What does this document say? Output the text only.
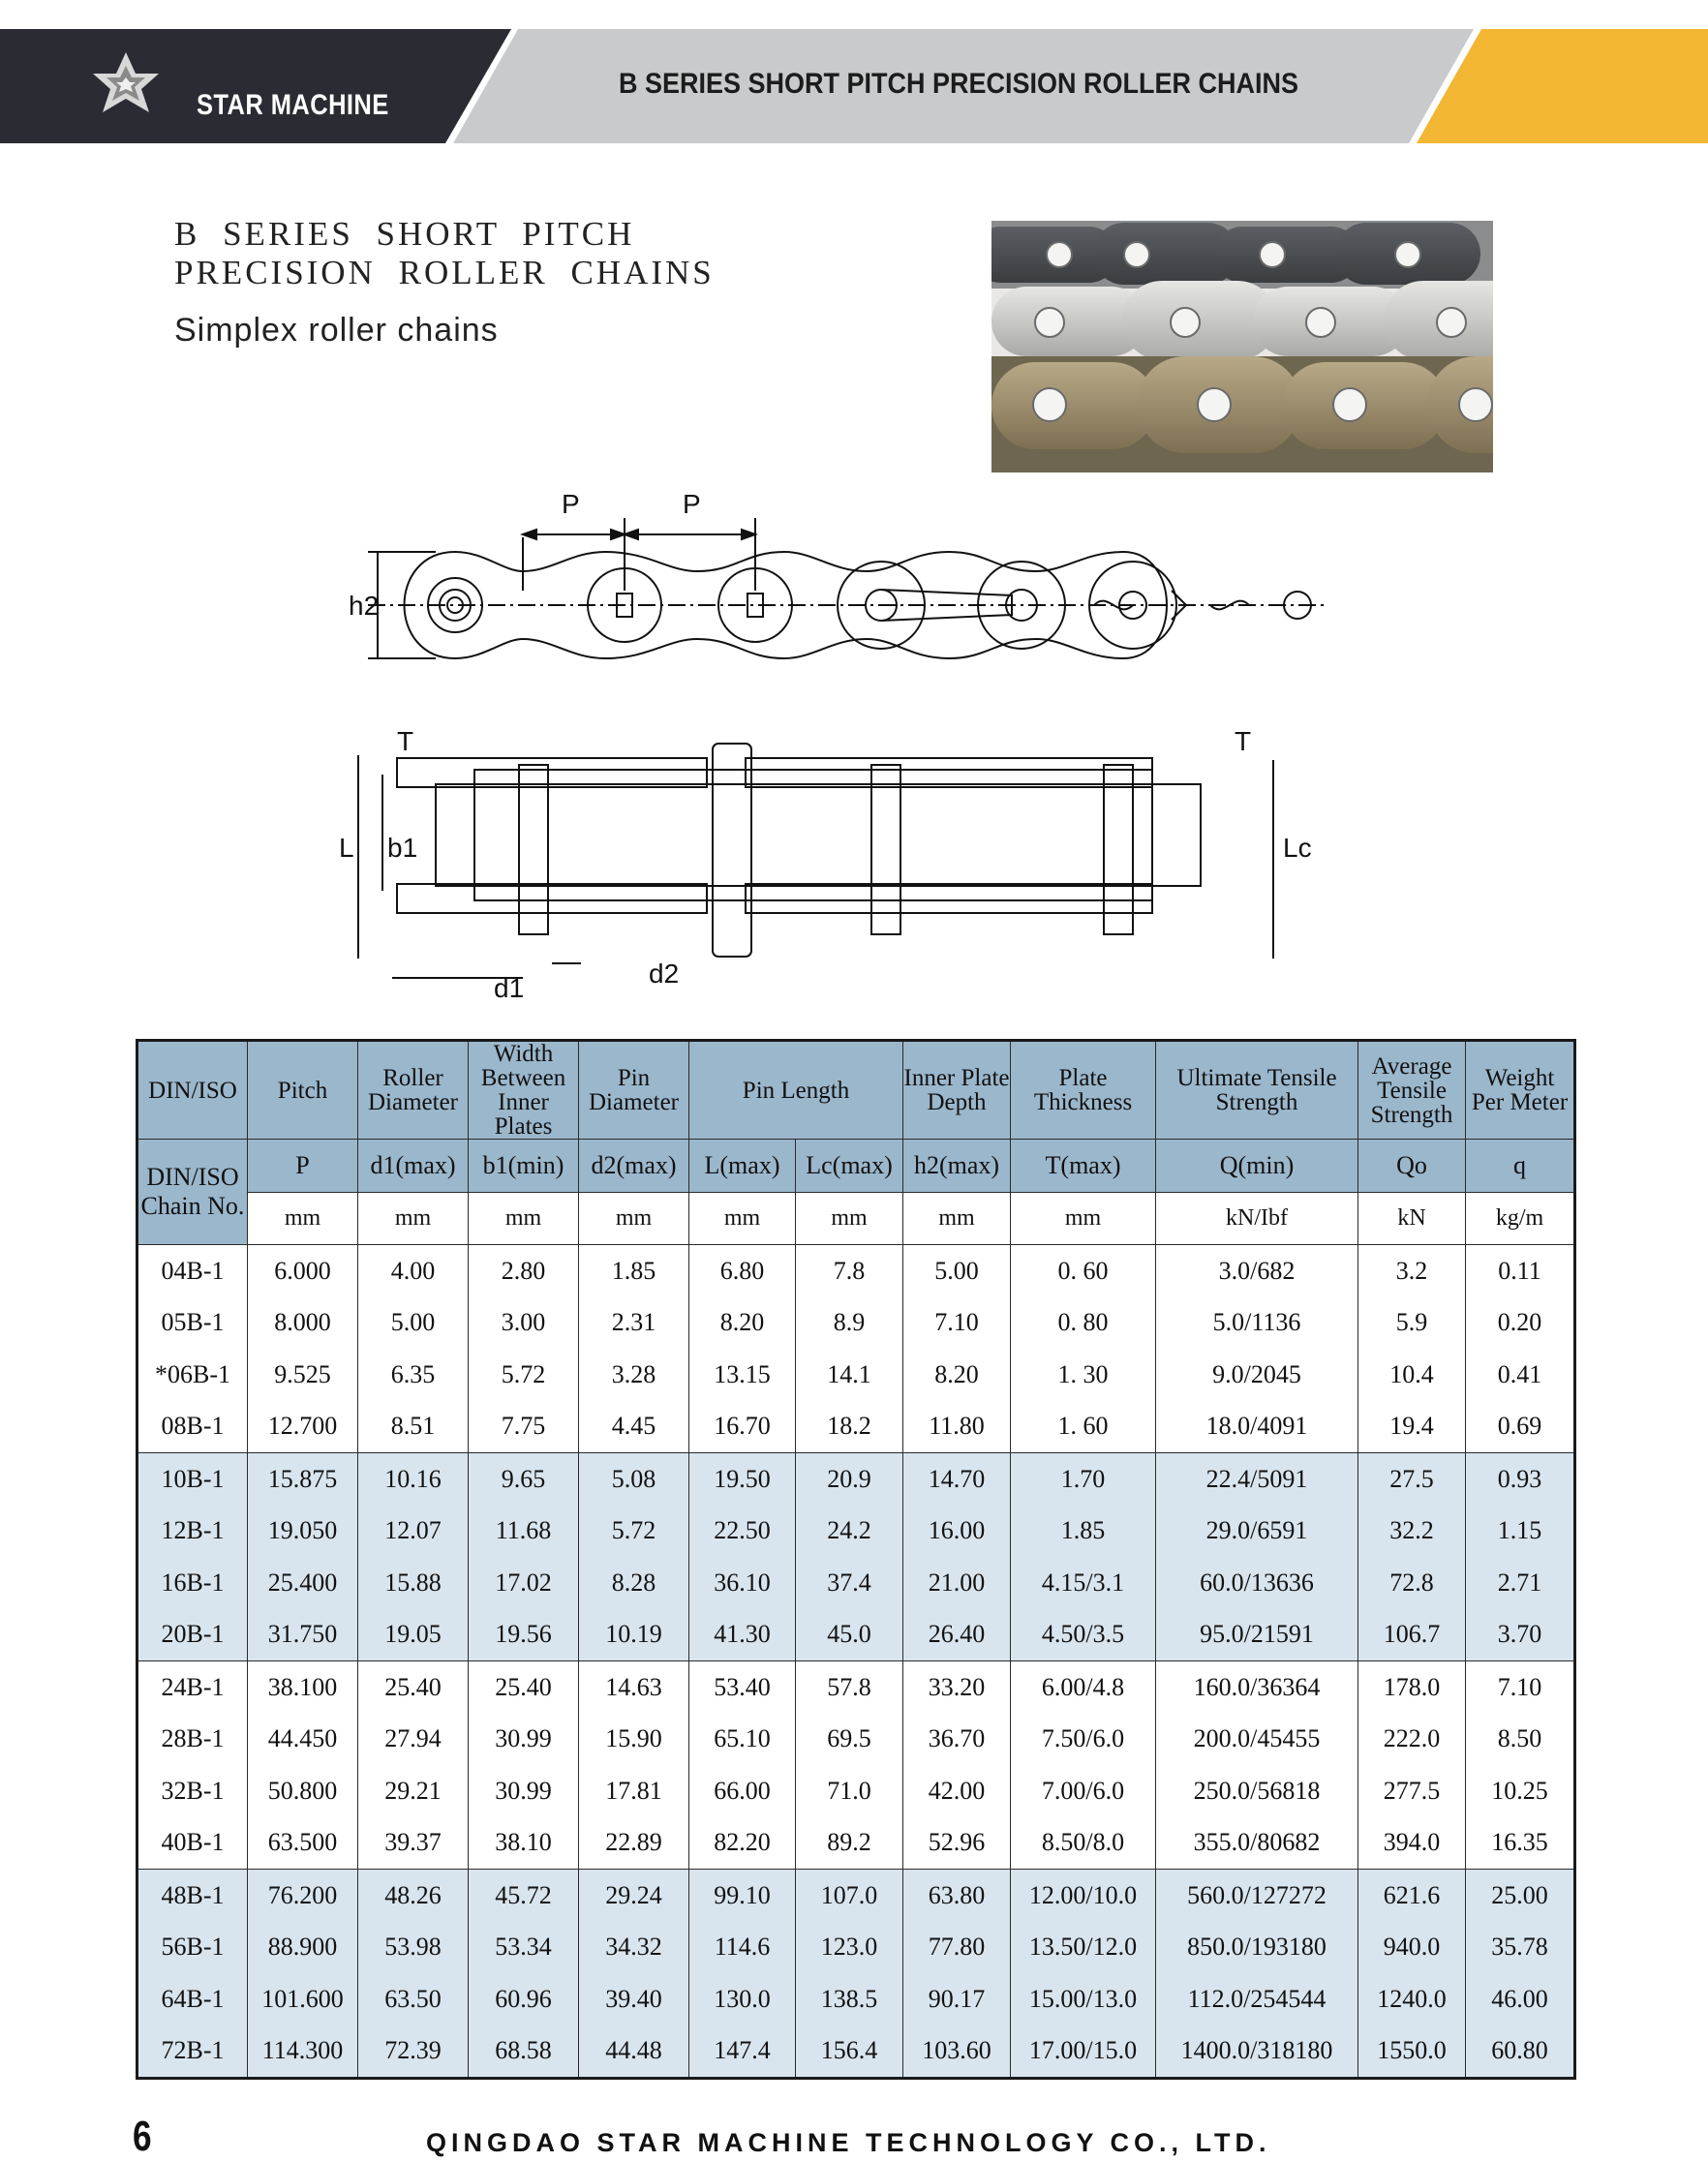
STAR MACHINE
B SERIES SHORT PITCH PRECISION ROLLER CHAINS
B SERIES SHORT PITCH PRECISION ROLLER CHAINS
Simplex roller chains
P	P
h2
T	T
L b1	Lc
d1	d2
DIN/ISO	Pitch	Roller Diameter	Width Between Inner Plates	Pin Diameter	Pin Length		Inner Plate Depth	Plate Thickness	Ultimate Tensile Strength	Average Tensile Strength	Weight Per Meter
DIN/ISO Chain No.	P	d1(max)	b1(min)	d2(max)	L(max)	Lc(max)	h2(max)	T(max)	Q(min)	Qo	q
	mm	mm	mm	mm	mm	mm	mm	mm	kN/Ibf	kN	kg/m
04B-1	6.000	4.00	2.80	1.85	6.80	7.8	5.00	0. 60	3.0/682	3.2	0.11
05B-1	8.000	5.00	3.00	2.31	8.20	8.9	7.10	0. 80	5.0/1136	5.9	0.20
*06B-1	9.525	6.35	5.72	3.28	13.15	14.1	8.20	1. 30	9.0/2045	10.4	0.41
08B-1	12.700	8.51	7.75	4.45	16.70	18.2	11.80	1. 60	18.0/4091	19.4	0.69
10B-1	15.875	10.16	9.65	5.08	19.50	20.9	14.70	1.70	22.4/5091	27.5	0.93
12B-1	19.050	12.07	11.68	5.72	22.50	24.2	16.00	1.85	29.0/6591	32.2	1.15
16B-1	25.400	15.88	17.02	8.28	36.10	37.4	21.00	4.15/3.1	60.0/13636	72.8	2.71
20B-1	31.750	19.05	19.56	10.19	41.30	45.0	26.40	4.50/3.5	95.0/21591	106.7	3.70
24B-1	38.100	25.40	25.40	14.63	53.40	57.8	33.20	6.00/4.8	160.0/36364	178.0	7.10
28B-1	44.450	27.94	30.99	15.90	65.10	69.5	36.70	7.50/6.0	200.0/45455	222.0	8.50
32B-1	50.800	29.21	30.99	17.81	66.00	71.0	42.00	7.00/6.0	250.0/56818	277.5	10.25
40B-1	63.500	39.37	38.10	22.89	82.20	89.2	52.96	8.50/8.0	355.0/80682	394.0	16.35
48B-1	76.200	48.26	45.72	29.24	99.10	107.0	63.80	12.00/10.0	560.0/127272	621.6	25.00
56B-1	88.900	53.98	53.34	34.32	114.6	123.0	77.80	13.50/12.0	850.0/193180	940.0	35.78
64B-1	101.600	63.50	60.96	39.40	130.0	138.5	90.17	15.00/13.0	112.0/254544	1240.0	46.00
72B-1	114.300	72.39	68.58	44.48	147.4	156.4	103.60	17.00/15.0	1400.0/318180	1550.0	60.80
6	QINGDAO STAR MACHINE TECHNOLOGY CO., LTD.
